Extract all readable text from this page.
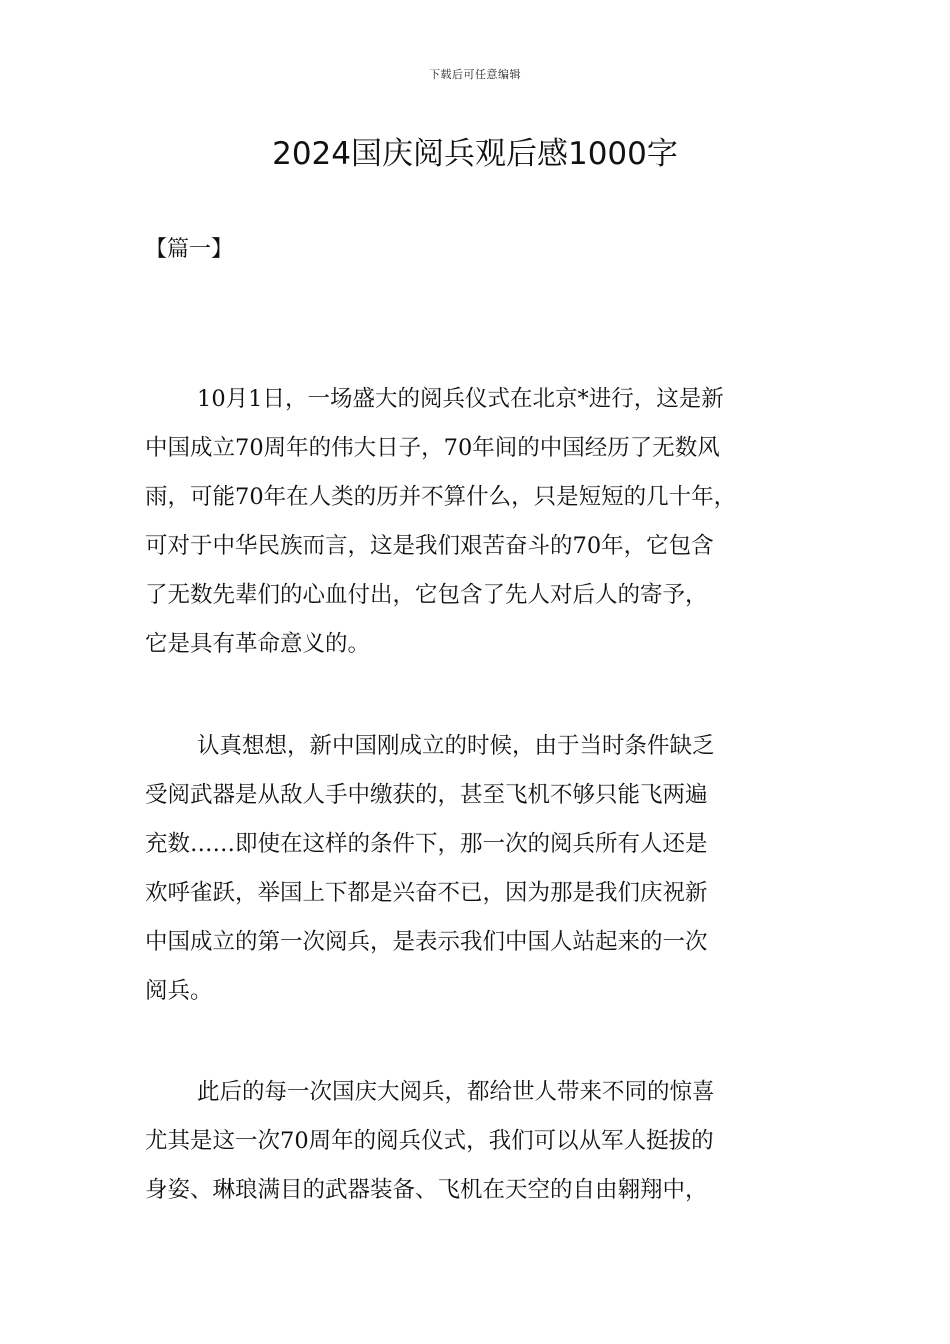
下载后可任意编辑
2024国庆阅兵观后感1000字
【篇一】
10月1日，一场盛大的阅兵仪式在北京*进行，这是新
中国成立70周年的伟大日子，70年间的中国经历了无数风
雨，可能70年在人类的历并不算什么，只是短短的几十年，
可对于中华民族而言，这是我们艰苦奋斗的70年，它包含
了无数先辈们的心血付出，它包含了先人对后人的寄予，
它是具有革命意义的。
认真想想，新中国刚成立的时候，由于当时条件缺乏
受阅武器是从敌人手中缴获的，甚至飞机不够只能飞两遍
充数……即使在这样的条件下，那一次的阅兵所有人还是
欢呼雀跃，举国上下都是兴奋不已，因为那是我们庆祝新
中国成立的第一次阅兵，是表示我们中国人站起来的一次
阅兵。
此后的每一次国庆大阅兵，都给世人带来不同的惊喜
尤其是这一次70周年的阅兵仪式，我们可以从军人挺拔的
身姿、琳琅满目的武器装备、飞机在天空的自由翱翔中，
